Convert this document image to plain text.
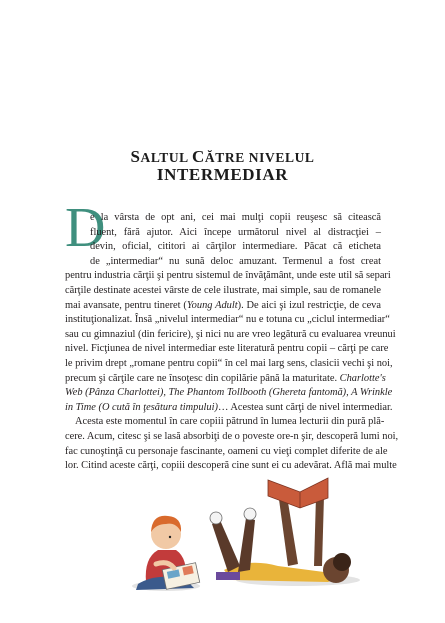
SALTUL CĂTRE NIVELUL
INTERMEDIAR
D
e la vârsta de opt ani, cei mai mulţi copii reuşesc să citească
fluent, fără ajutor. Aici începe următorul nivel al distracţiei –
devin, oficial, cititori ai cărţilor intermediare. Păcat că eticheta
de „intermediar“ nu sună deloc amuzant. Termenul a fost creat
pentru industria cărţii şi pentru sistemul de învăţământ, unde este util să separi
cărţile destinate acestei vârste de cele ilustrate, mai simple, sau de romanele
mai avansate, pentru tineret (Young Adult). De aici şi izul restricţie, de ceva
instituţionalizat. Însă „nivelul intermediar“ nu e totuna cu „ciclul intermediar“
sau cu gimnaziul (din fericire), şi nici nu are vreo legătură cu evaluarea vreunui
nivel. Ficţiunea de nivel intermediar este literatură pentru copii – cărţi pe care
le privim drept „romane pentru copii“ în cel mai larg sens, clasicii vechi şi noi,
precum şi cărţile care ne însoţesc din copilărie până la maturitate. Charlotte's
Web (Pânza Charlottei), The Phantom Tollbooth (Ghereta fantomă), A Wrinkle
in Time (O cută în ţesătura timpului)… Acestea sunt cărţi de nivel intermediar.
Acesta este momentul în care copiii pătrund în lumea lecturii din pură plă-
cere. Acum, citesc şi se lasă absorbiţi de o poveste ore-n şir, descoperă lumi noi,
fac cunoştinţă cu personaje fascinante, oameni cu vieţi complet diferite de ale
lor. Citind aceste cărţi, copiii descoperă cine sunt ei cu adevărat. Află mai multe
